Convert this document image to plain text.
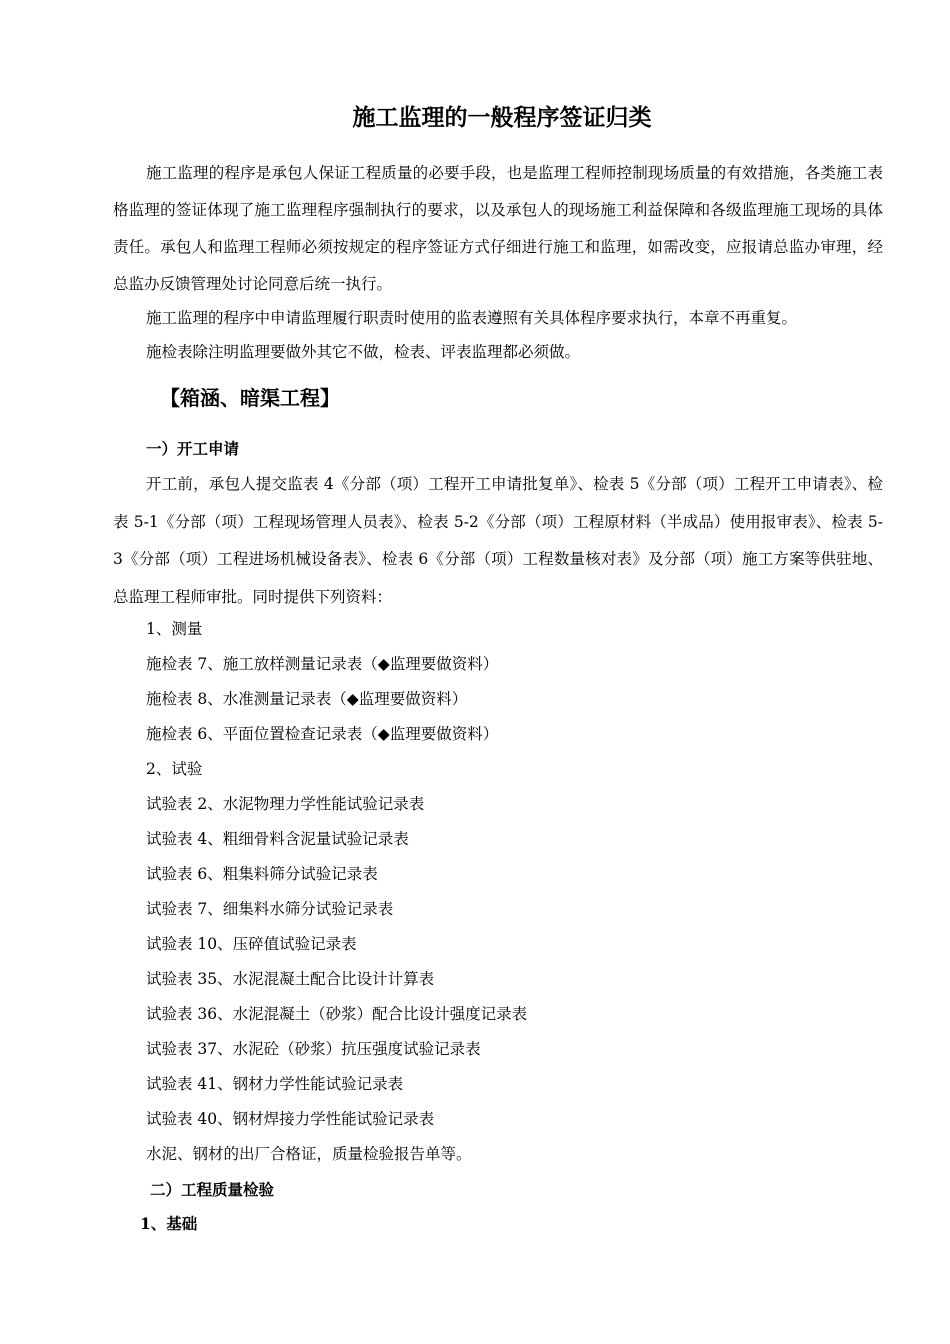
施工监理的一般程序签证归类

施工监理的程序是承包人保证工程质量的必要手段，也是监理工程师控制现场质量的有效措施，各类施工表格监理的签证体现了施工监理程序强制执行的要求，以及承包人的现场施工利益保障和各级监理施工现场的具体责任。承包人和监理工程师必须按规定的程序签证方式仔细进行施工和监理，如需改变，应报请总监办审理，经总监办反馈管理处讨论同意后统一执行。

施工监理的程序中申请监理履行职责时使用的监表遵照有关具体程序要求执行，本章不再重复。

施检表除注明监理要做外其它不做，检表、评表监理都必须做。

【箱涵、暗渠工程】
一）开工申请

开工前，承包人提交监表 4《分部（项）工程开工申请批复单》、检表 5《分部（项）工程开工申请表》、检表 5-1《分部（项）工程现场管理人员表》、检表 5-2《分部（项）工程原材料（半成品）使用报审表》、检表 5-3《分部（项）工程进场机械设备表》、检表 6《分部（项）工程数量核对表》及分部（项）施工方案等供驻地、总监理工程师审批。同时提供下列资料：

1、测量

施检表 7、施工放样测量记录表（◆监理要做资料）

施检表 8、水准测量记录表（◆监理要做资料）

施检表 6、平面位置检查记录表（◆监理要做资料）

2、试验

试验表 2、水泥物理力学性能试验记录表

试验表 4、粗细骨料含泥量试验记录表

试验表 6、粗集料筛分试验记录表

试验表 7、细集料水筛分试验记录表

试验表 10、压碎值试验记录表

试验表 35、水泥混凝土配合比设计计算表

试验表 36、水泥混凝土（砂浆）配合比设计强度记录表

试验表 37、水泥砼（砂浆）抗压强度试验记录表

试验表 41、钢材力学性能试验记录表

试验表 40、钢材焊接力学性能试验记录表

水泥、钢材的出厂合格证，质量检验报告单等。

二）工程质量检验
1、基础
